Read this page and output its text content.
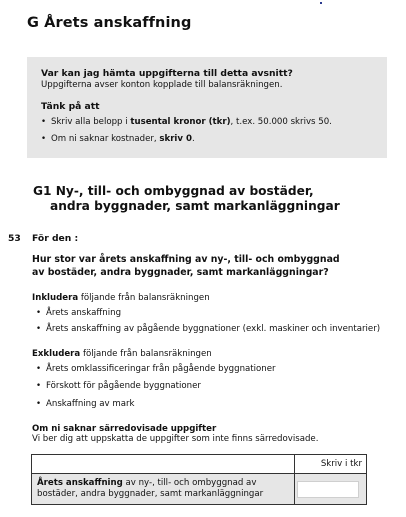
G Årets anskaffning
Var kan jag hämta uppgifterna till detta avsnitt?
Uppgifterna avser konton kopplade till balansräkningen.
Tänk på att
• Skriv alla belopp i tusental kronor (tkr), t.ex. 50.000 skrivs 50.
• Om ni saknar kostnader, skriv 0.
G1 Ny-, till- och ombyggnad av bostäder,
andra byggnader, samt markanläggningar
53 För den :
Hur stor var årets anskaffning av ny-, till- och ombyggnad
av bostäder, andra byggnader, samt markanläggningar?
Inkludera följande från balansräkningen
• Årets anskaffning
• Årets anskaffning av pågående byggnationer (exkl. maskiner och inventarier)
Exkludera följande från balansräkningen
• Årets omklassificeringar från pågående byggnationer
• Förskott för pågående byggnationer
• Anskaffning av mark
Om ni saknar särredovisade uppgifter
Vi ber dig att uppskatta de uppgifter som inte finns särredovisade.
	Skriv i tkr

Årets anskaffning av ny-, till- och ombyggnad av
bostäder, andra byggnader, samt markanläggningar	
